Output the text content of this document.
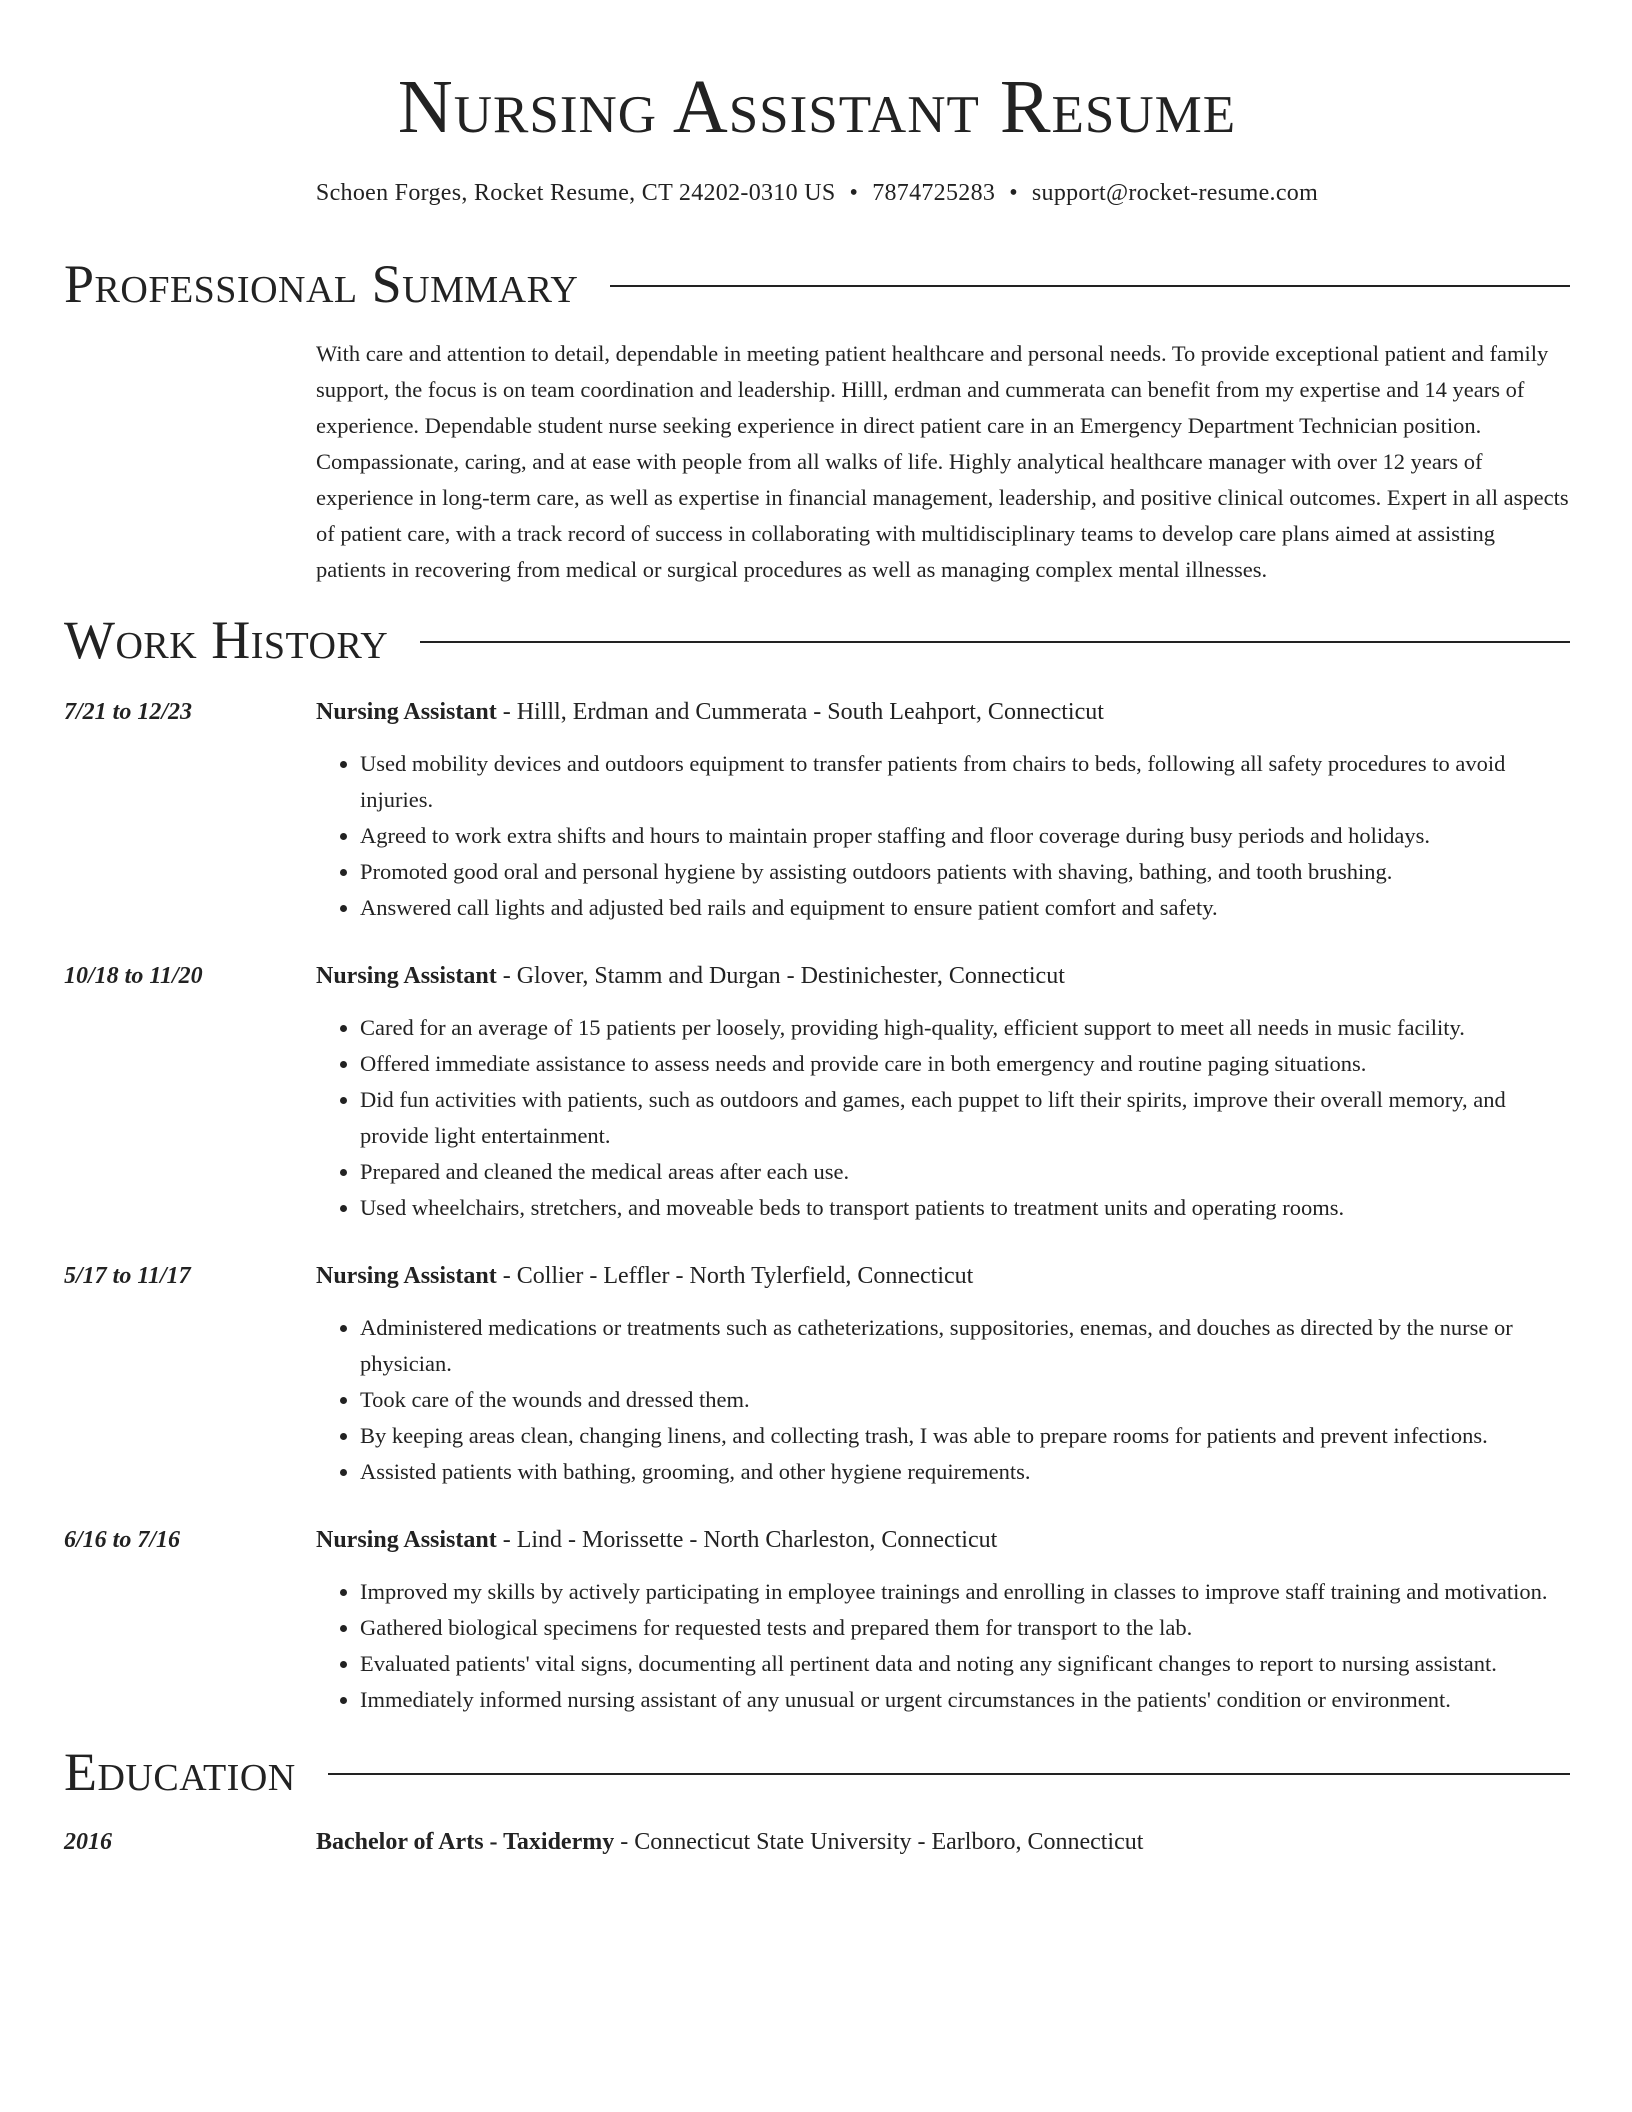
Nursing Assistant Resume
Schoen Forges, Rocket Resume, CT 24202-0310 US • 7874725283 • support@rocket-resume.com
Professional Summary

With care and attention to detail, dependable in meeting patient healthcare and personal needs. To provide exceptional patient and family support, the focus is on team coordination and leadership. Hilll, erdman and cummerata can benefit from my expertise and 14 years of experience. Dependable student nurse seeking experience in direct patient care in an Emergency Department Technician position. Compassionate, caring, and at ease with people from all walks of life. Highly analytical healthcare manager with over 12 years of experience in long-term care, as well as expertise in financial management, leadership, and positive clinical outcomes. Expert in all aspects of patient care, with a track record of success in collaborating with multidisciplinary teams to develop care plans aimed at assisting patients in recovering from medical or surgical procedures as well as managing complex mental illnesses.

Work History
7/21 to 12/23	Nursing Assistant - Hilll, Erdman and Cummerata - South Leahport, Connecticut
• Used mobility devices and outdoors equipment to transfer patients from chairs to beds, following all safety procedures to avoid injuries.
• Agreed to work extra shifts and hours to maintain proper staffing and floor coverage during busy periods and holidays.
• Promoted good oral and personal hygiene by assisting outdoors patients with shaving, bathing, and tooth brushing.
• Answered call lights and adjusted bed rails and equipment to ensure patient comfort and safety.
10/18 to 11/20	Nursing Assistant - Glover, Stamm and Durgan - Destinichester, Connecticut
• Cared for an average of 15 patients per loosely, providing high-quality, efficient support to meet all needs in music facility.
• Offered immediate assistance to assess needs and provide care in both emergency and routine paging situations.
• Did fun activities with patients, such as outdoors and games, each puppet to lift their spirits, improve their overall memory, and provide light entertainment.
• Prepared and cleaned the medical areas after each use.
• Used wheelchairs, stretchers, and moveable beds to transport patients to treatment units and operating rooms.
5/17 to 11/17	Nursing Assistant - Collier - Leffler - North Tylerfield, Connecticut
• Administered medications or treatments such as catheterizations, suppositories, enemas, and douches as directed by the nurse or physician.
• Took care of the wounds and dressed them.
• By keeping areas clean, changing linens, and collecting trash, I was able to prepare rooms for patients and prevent infections.
• Assisted patients with bathing, grooming, and other hygiene requirements.
6/16 to 7/16	Nursing Assistant - Lind - Morissette - North Charleston, Connecticut
• Improved my skills by actively participating in employee trainings and enrolling in classes to improve staff training and motivation.
• Gathered biological specimens for requested tests and prepared them for transport to the lab.
• Evaluated patients' vital signs, documenting all pertinent data and noting any significant changes to report to nursing assistant.
• Immediately informed nursing assistant of any unusual or urgent circumstances in the patients' condition or environment.
Education
2016	Bachelor of Arts - Taxidermy - Connecticut State University - Earlboro, Connecticut
